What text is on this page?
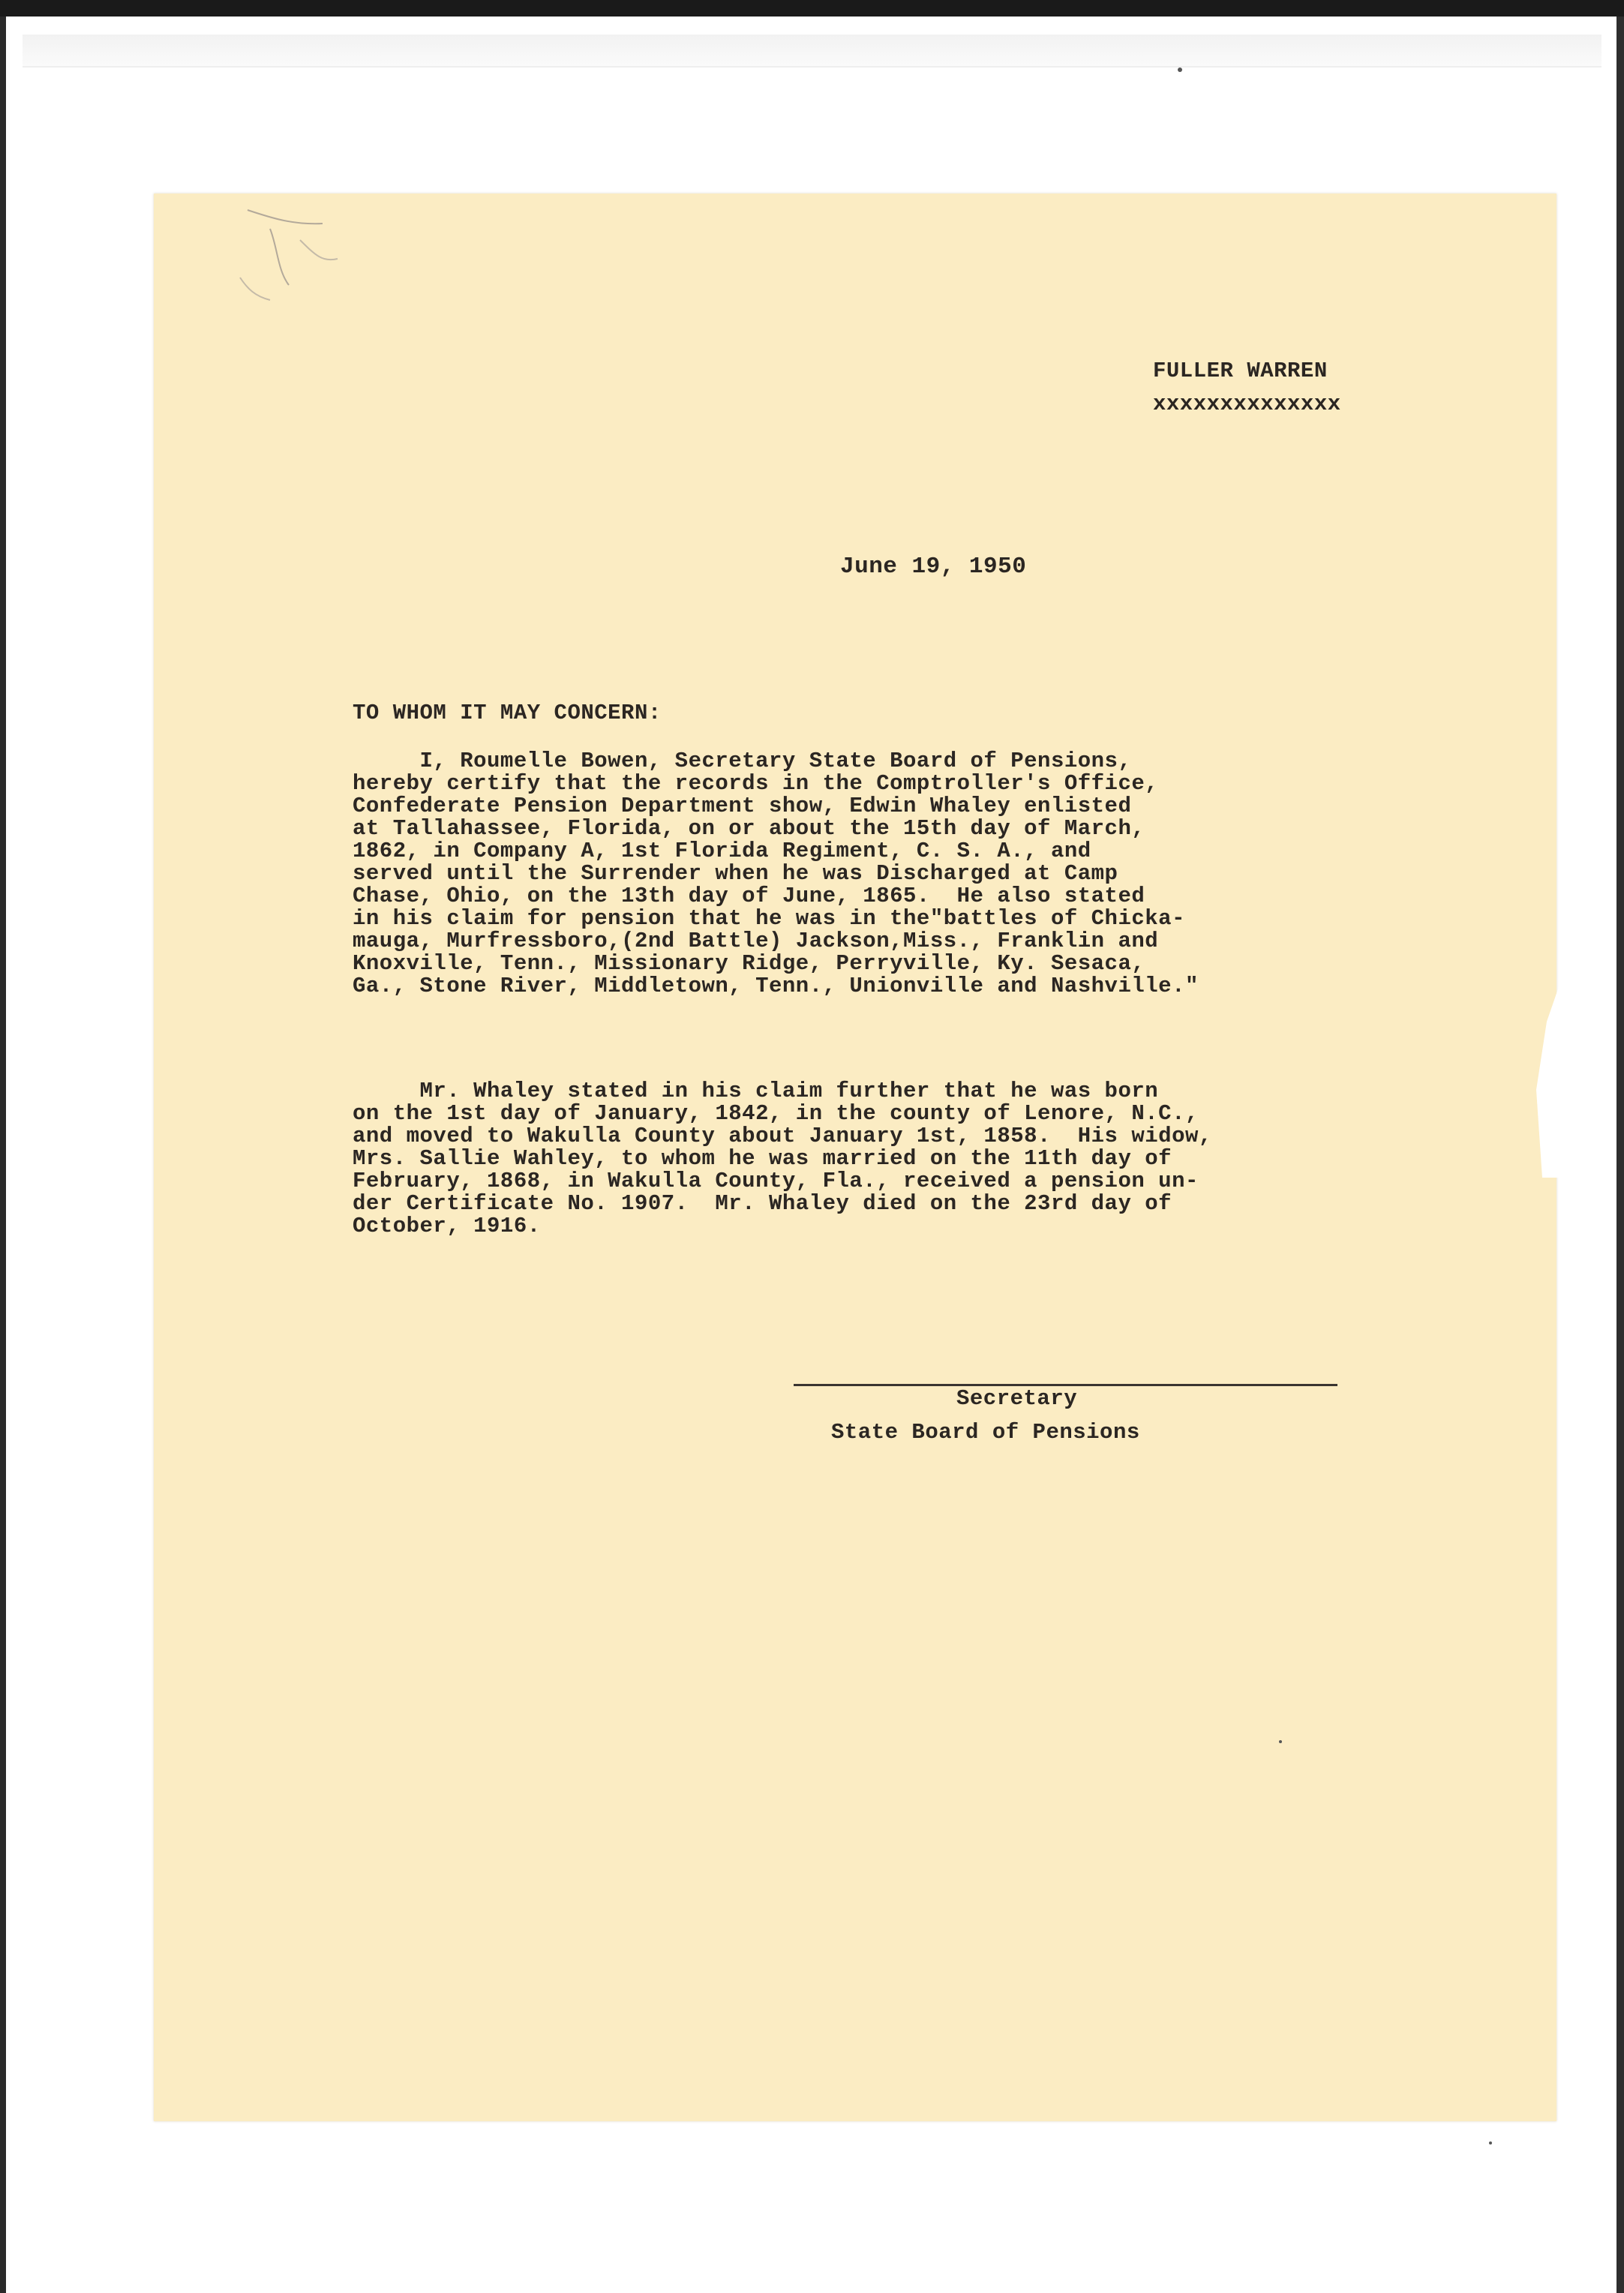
FULLER WARREN
xxxxxxxxxxxxxx
June 19, 1950
TO WHOM IT MAY CONCERN:
I, Roumelle Bowen, Secretary State Board of Pensions,
hereby certify that the records in the Comptroller's Office,
Confederate Pension Department show, Edwin Whaley enlisted
at Tallahassee, Florida, on or about the 15th day of March,
1862, in Company A, 1st Florida Regiment, C. S. A., and
served until the Surrender when he was Discharged at Camp
Chase, Ohio, on the 13th day of June, 1865.  He also stated
in his claim for pension that he was in the"battles of Chicka-
mauga, Murfressboro,(2nd Battle) Jackson,Miss., Franklin and
Knoxville, Tenn., Missionary Ridge, Perryville, Ky. Sesaca,
Ga., Stone River, Middletown, Tenn., Unionville and Nashville."
Mr. Whaley stated in his claim further that he was born
on the 1st day of January, 1842, in the county of Lenore, N.C.,
and moved to Wakulla County about January 1st, 1858.  His widow,
Mrs. Sallie Wahley, to whom he was married on the 11th day of
February, 1868, in Wakulla County, Fla., received a pension un-
der Certificate No. 1907.  Mr. Whaley died on the 23rd day of
October, 1916.
Secretary
State Board of Pensions
